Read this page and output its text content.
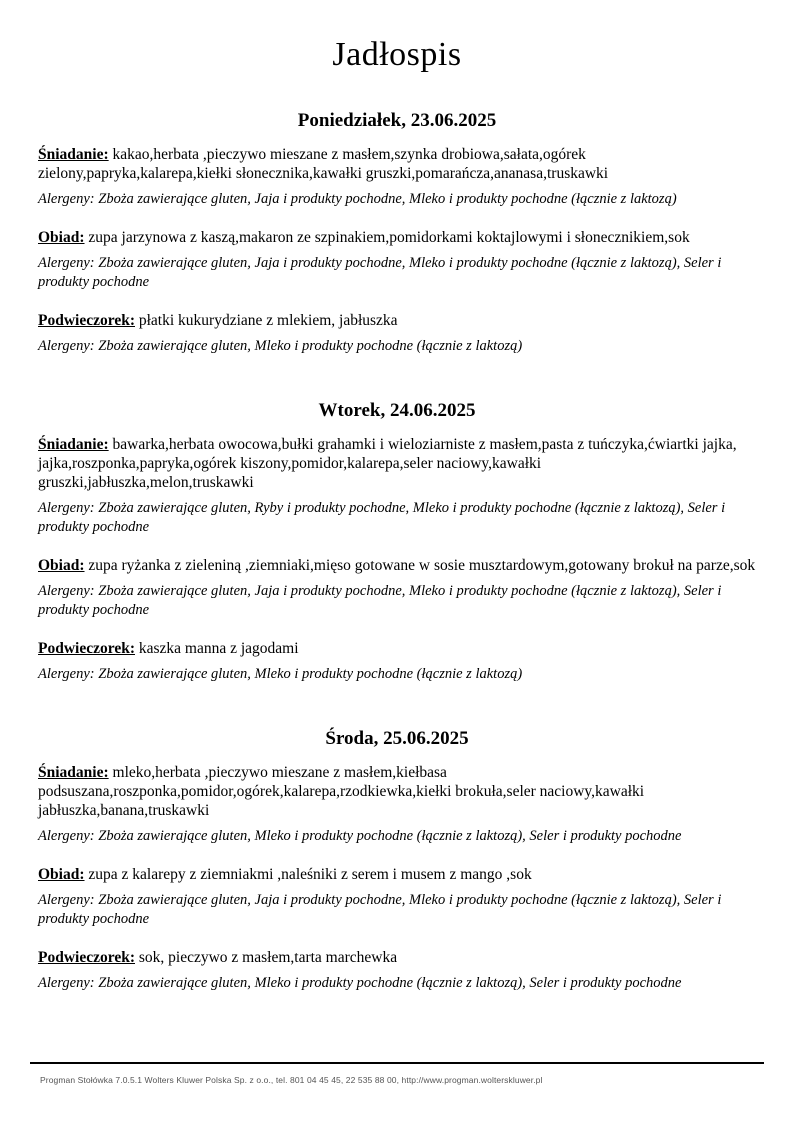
Jadłospis
Poniedziałek, 23.06.2025

Śniadanie: kakao,herbata ,pieczywo mieszane z masłem,szynka drobiowa,sałata,ogórek zielony,papryka,kalarepa,kiełki słonecznika,kawałki gruszki,pomarańcza,ananasa,truskawki

Alergeny: Zboża zawierające gluten, Jaja i produkty pochodne, Mleko i produkty pochodne (łącznie z laktozą)

Obiad: zupa jarzynowa z kaszą,makaron ze szpinakiem,pomidorkami koktajlowymi i słonecznikiem,sok

Alergeny: Zboża zawierające gluten, Jaja i produkty pochodne, Mleko i produkty pochodne (łącznie z laktozą), Seler i produkty pochodne

Podwieczorek: płatki kukurydziane z mlekiem, jabłuszka

Alergeny: Zboża zawierające gluten, Mleko i produkty pochodne (łącznie z laktozą)

Wtorek, 24.06.2025

Śniadanie: bawarka,herbata owocowa,bułki grahamki i wieloziarniste z masłem,pasta z tuńczyka,ćwiartki jajka, jajka,roszponka,papryka,ogórek kiszony,pomidor,kalarepa,seler naciowy,kawałki gruszki,jabłuszka,melon,truskawki

Alergeny: Zboża zawierające gluten, Ryby i produkty pochodne, Mleko i produkty pochodne (łącznie z laktozą), Seler i produkty pochodne

Obiad: zupa ryżanka z zieleniną ,ziemniaki,mięso gotowane w sosie musztardowym,gotowany brokuł na parze,sok

Alergeny: Zboża zawierające gluten, Jaja i produkty pochodne, Mleko i produkty pochodne (łącznie z laktozą), Seler i produkty pochodne

Podwieczorek: kaszka manna z jagodami

Alergeny: Zboża zawierające gluten, Mleko i produkty pochodne (łącznie z laktozą)

Środa, 25.06.2025

Śniadanie: mleko,herbata ,pieczywo mieszane z masłem,kiełbasa podsuszana,roszponka,pomidor,ogórek,kalarepa,rzodkiewka,kiełki brokuła,seler naciowy,kawałki jabłuszka,banana,truskawki

Alergeny: Zboża zawierające gluten, Mleko i produkty pochodne (łącznie z laktozą), Seler i produkty pochodne

Obiad: zupa z kalarepy z ziemniakmi ,naleśniki z serem i musem z mango ,sok

Alergeny: Zboża zawierające gluten, Jaja i produkty pochodne, Mleko i produkty pochodne (łącznie z laktozą), Seler i produkty pochodne

Podwieczorek: sok, pieczywo z masłem,tarta marchewka

Alergeny: Zboża zawierające gluten, Mleko i produkty pochodne (łącznie z laktozą), Seler i produkty pochodne

Progman Stołówka 7.0.5.1 Wolters Kluwer Polska Sp. z o.o., tel. 801 04 45 45, 22 535 88 00, http://www.progman.wolterskluwer.pl
